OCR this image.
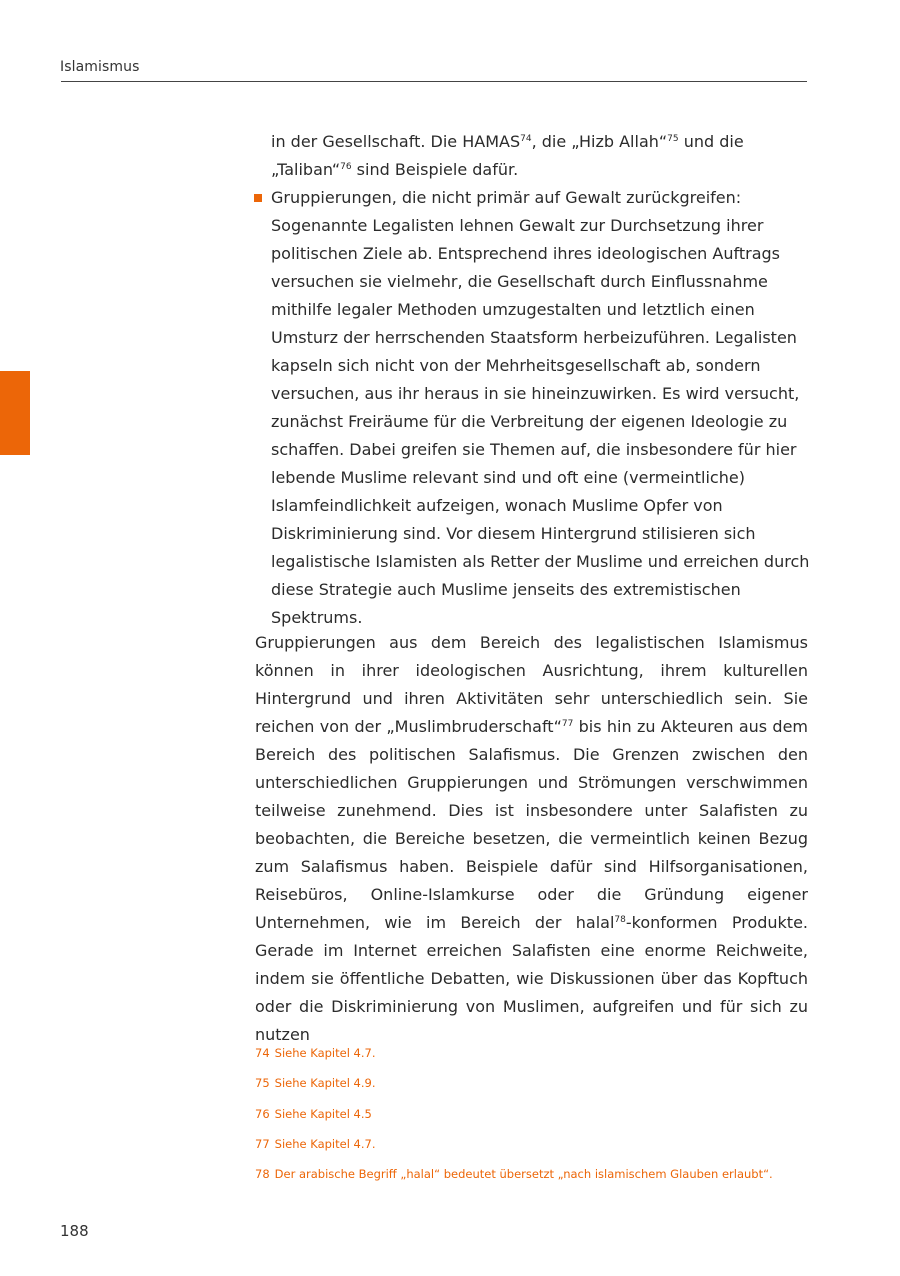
Islamismus

in der Gesellschaft. Die HAMAS$^{74}$, die „Hizb Allah“$^{75}$ und die „Taliban“$^{76}$ sind Beispiele dafür.

Gruppierungen, die nicht primär auf Gewalt zurückgreifen: Sogenannte Legalisten lehnen Gewalt zur Durchsetzung ihrer politischen Ziele ab. Entsprechend ihres ideologischen Auftrags versuchen sie vielmehr, die Gesellschaft durch Einflussnahme mithilfe legaler Methoden umzugestalten und letztlich einen Umsturz der herrschenden Staatsform herbeizuführen. Legalisten kapseln sich nicht von der Mehrheitsgesellschaft ab, sondern versuchen, aus ihr heraus in sie hineinzuwirken. Es wird versucht, zunächst Freiräume für die Verbreitung der eigenen Ideologie zu schaffen. Dabei greifen sie Themen auf, die insbesondere für hier lebende Muslime relevant sind und oft eine (vermeintliche) Islamfeindlichkeit aufzeigen, wonach Muslime Opfer von Diskriminierung sind. Vor diesem Hintergrund stilisieren sich legalistische Islamisten als Retter der Muslime und erreichen durch diese Strategie auch Muslime jenseits des extremistischen Spektrums.

Gruppierungen aus dem Bereich des legalistischen Islamismus können in ihrer ideologischen Ausrichtung, ihrem kulturellen Hintergrund und ihren Aktivitäten sehr unterschiedlich sein. Sie reichen von der „Muslimbruderschaft“$^{77}$ bis hin zu Akteuren aus dem Bereich des politischen Salafismus. Die Grenzen zwischen den unterschiedlichen Gruppierungen und Strömungen verschwimmen teilweise zunehmend. Dies ist insbesondere unter Salafisten zu beobachten, die Bereiche besetzen, die vermeintlich keinen Bezug zum Salafismus haben. Beispiele dafür sind Hilfsorganisationen, Reisebüros, Online-Islamkurse oder die Gründung eigener Unternehmen, wie im Bereich der halal$^{78}$-konformen Produkte. Gerade im Internet erreichen Salafisten eine enorme Reichweite, indem sie öffentliche Debatten, wie Diskussionen über das Kopftuch oder die Diskriminierung von Muslimen, aufgreifen und für sich zu nutzen

74 Siehe Kapitel 4.7.
75 Siehe Kapitel 4.9.
76 Siehe Kapitel 4.5
77 Siehe Kapitel 4.7.
78 Der arabische Begriff „halal“ bedeutet übersetzt „nach islamischem Glauben erlaubt“.
188
